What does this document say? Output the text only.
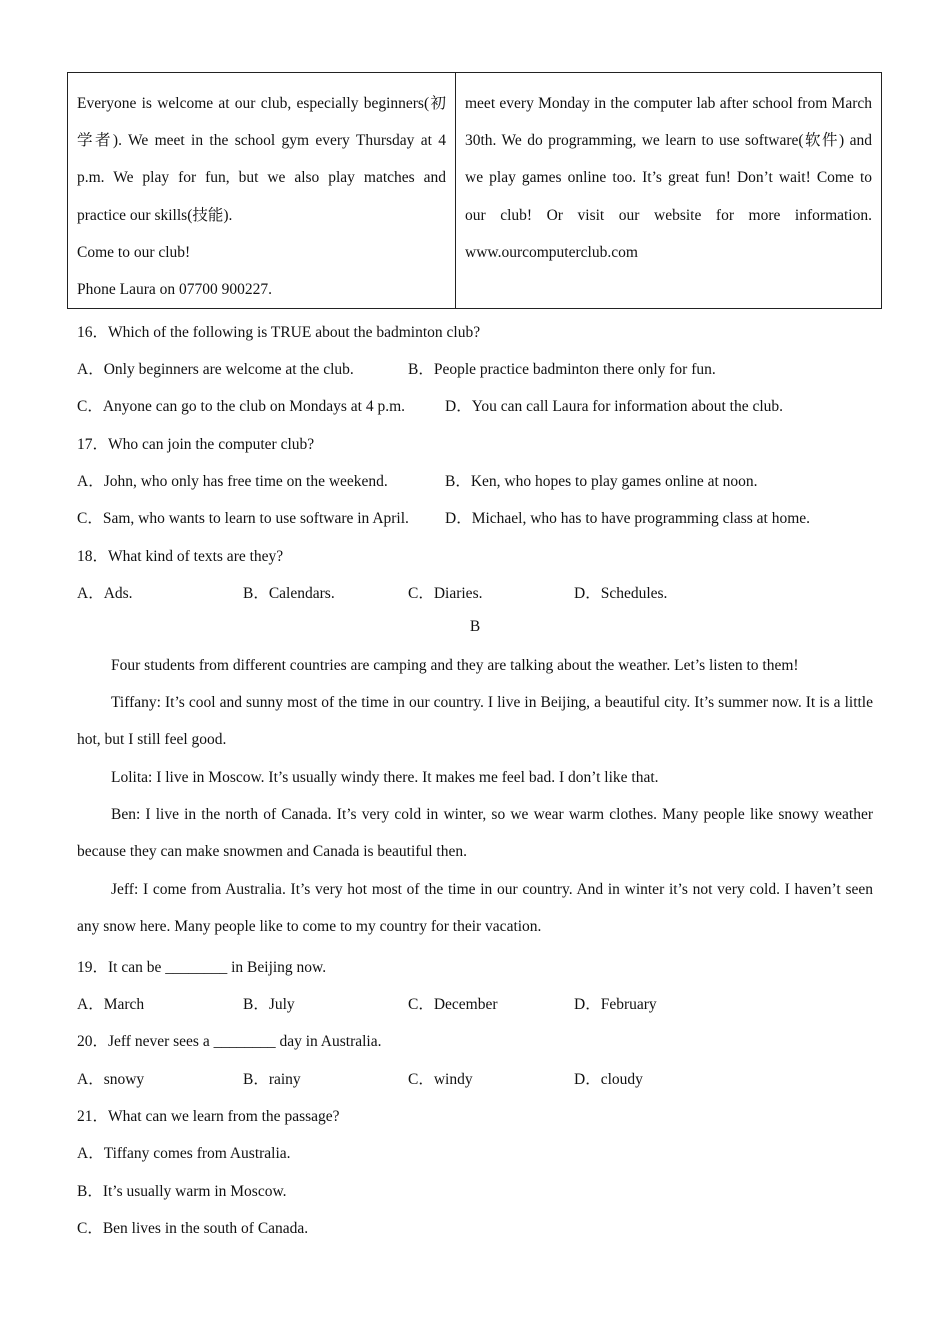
Everyone is welcome at our club, especially beginners(初学者). We meet in the school gym every Thursday at 4 p.m. We play for fun, but we also play matches and practice our skills(技能).

Come to our club!

Phone Laura on 07700 900227.

meet every Monday in the computer lab after school from March 30th. We do programming, we learn to use software(软件) and we play games online too. It’s great fun! Don’t wait! Come to our club! Or visit our website for more information. www.ourcomputerclub.com

16．Which of the following is TRUE about the badminton club?
A．Only beginners are welcome at the club.	B．People practice badminton there only for fun.
C．Anyone can go to the club on Mondays at 4 p.m.	D．You can call Laura for information about the club.
17．Who can join the computer club?
A．John, who only has free time on the weekend.	B．Ken, who hopes to play games online at noon.
C．Sam, who wants to learn to use software in April. D．Michael, who has to have programming class at home.
18．What kind of texts are they?
A．Ads.	B．Calendars.	C．Diaries.	D．Schedules.
B
Four students from different countries are camping and they are talking about the weather. Let’s listen to them!
Tiffany: It’s cool and sunny most of the time in our country. I live in Beijing, a beautiful city. It’s summer now. It is a little hot, but I still feel good.
Lolita: I live in Moscow. It’s usually windy there. It makes me feel bad. I don’t like that.
Ben: I live in the north of Canada. It’s very cold in winter, so we wear warm clothes. Many people like snowy weather because they can make snowmen and Canada is beautiful then.
Jeff: I come from Australia. It’s very hot most of the time in our country. And in winter it’s not very cold. I haven’t seen any snow here. Many people like to come to my country for their vacation.
19．It can be ________ in Beijing now.
A．March	B．July	C．December	D．February
20．Jeff never sees a ________ day in Australia.
A．snowy	B．rainy	C．windy	D．cloudy
21．What can we learn from the passage?
A．Tiffany comes from Australia.
B．It’s usually warm in Moscow.
C．Ben lives in the south of Canada.
